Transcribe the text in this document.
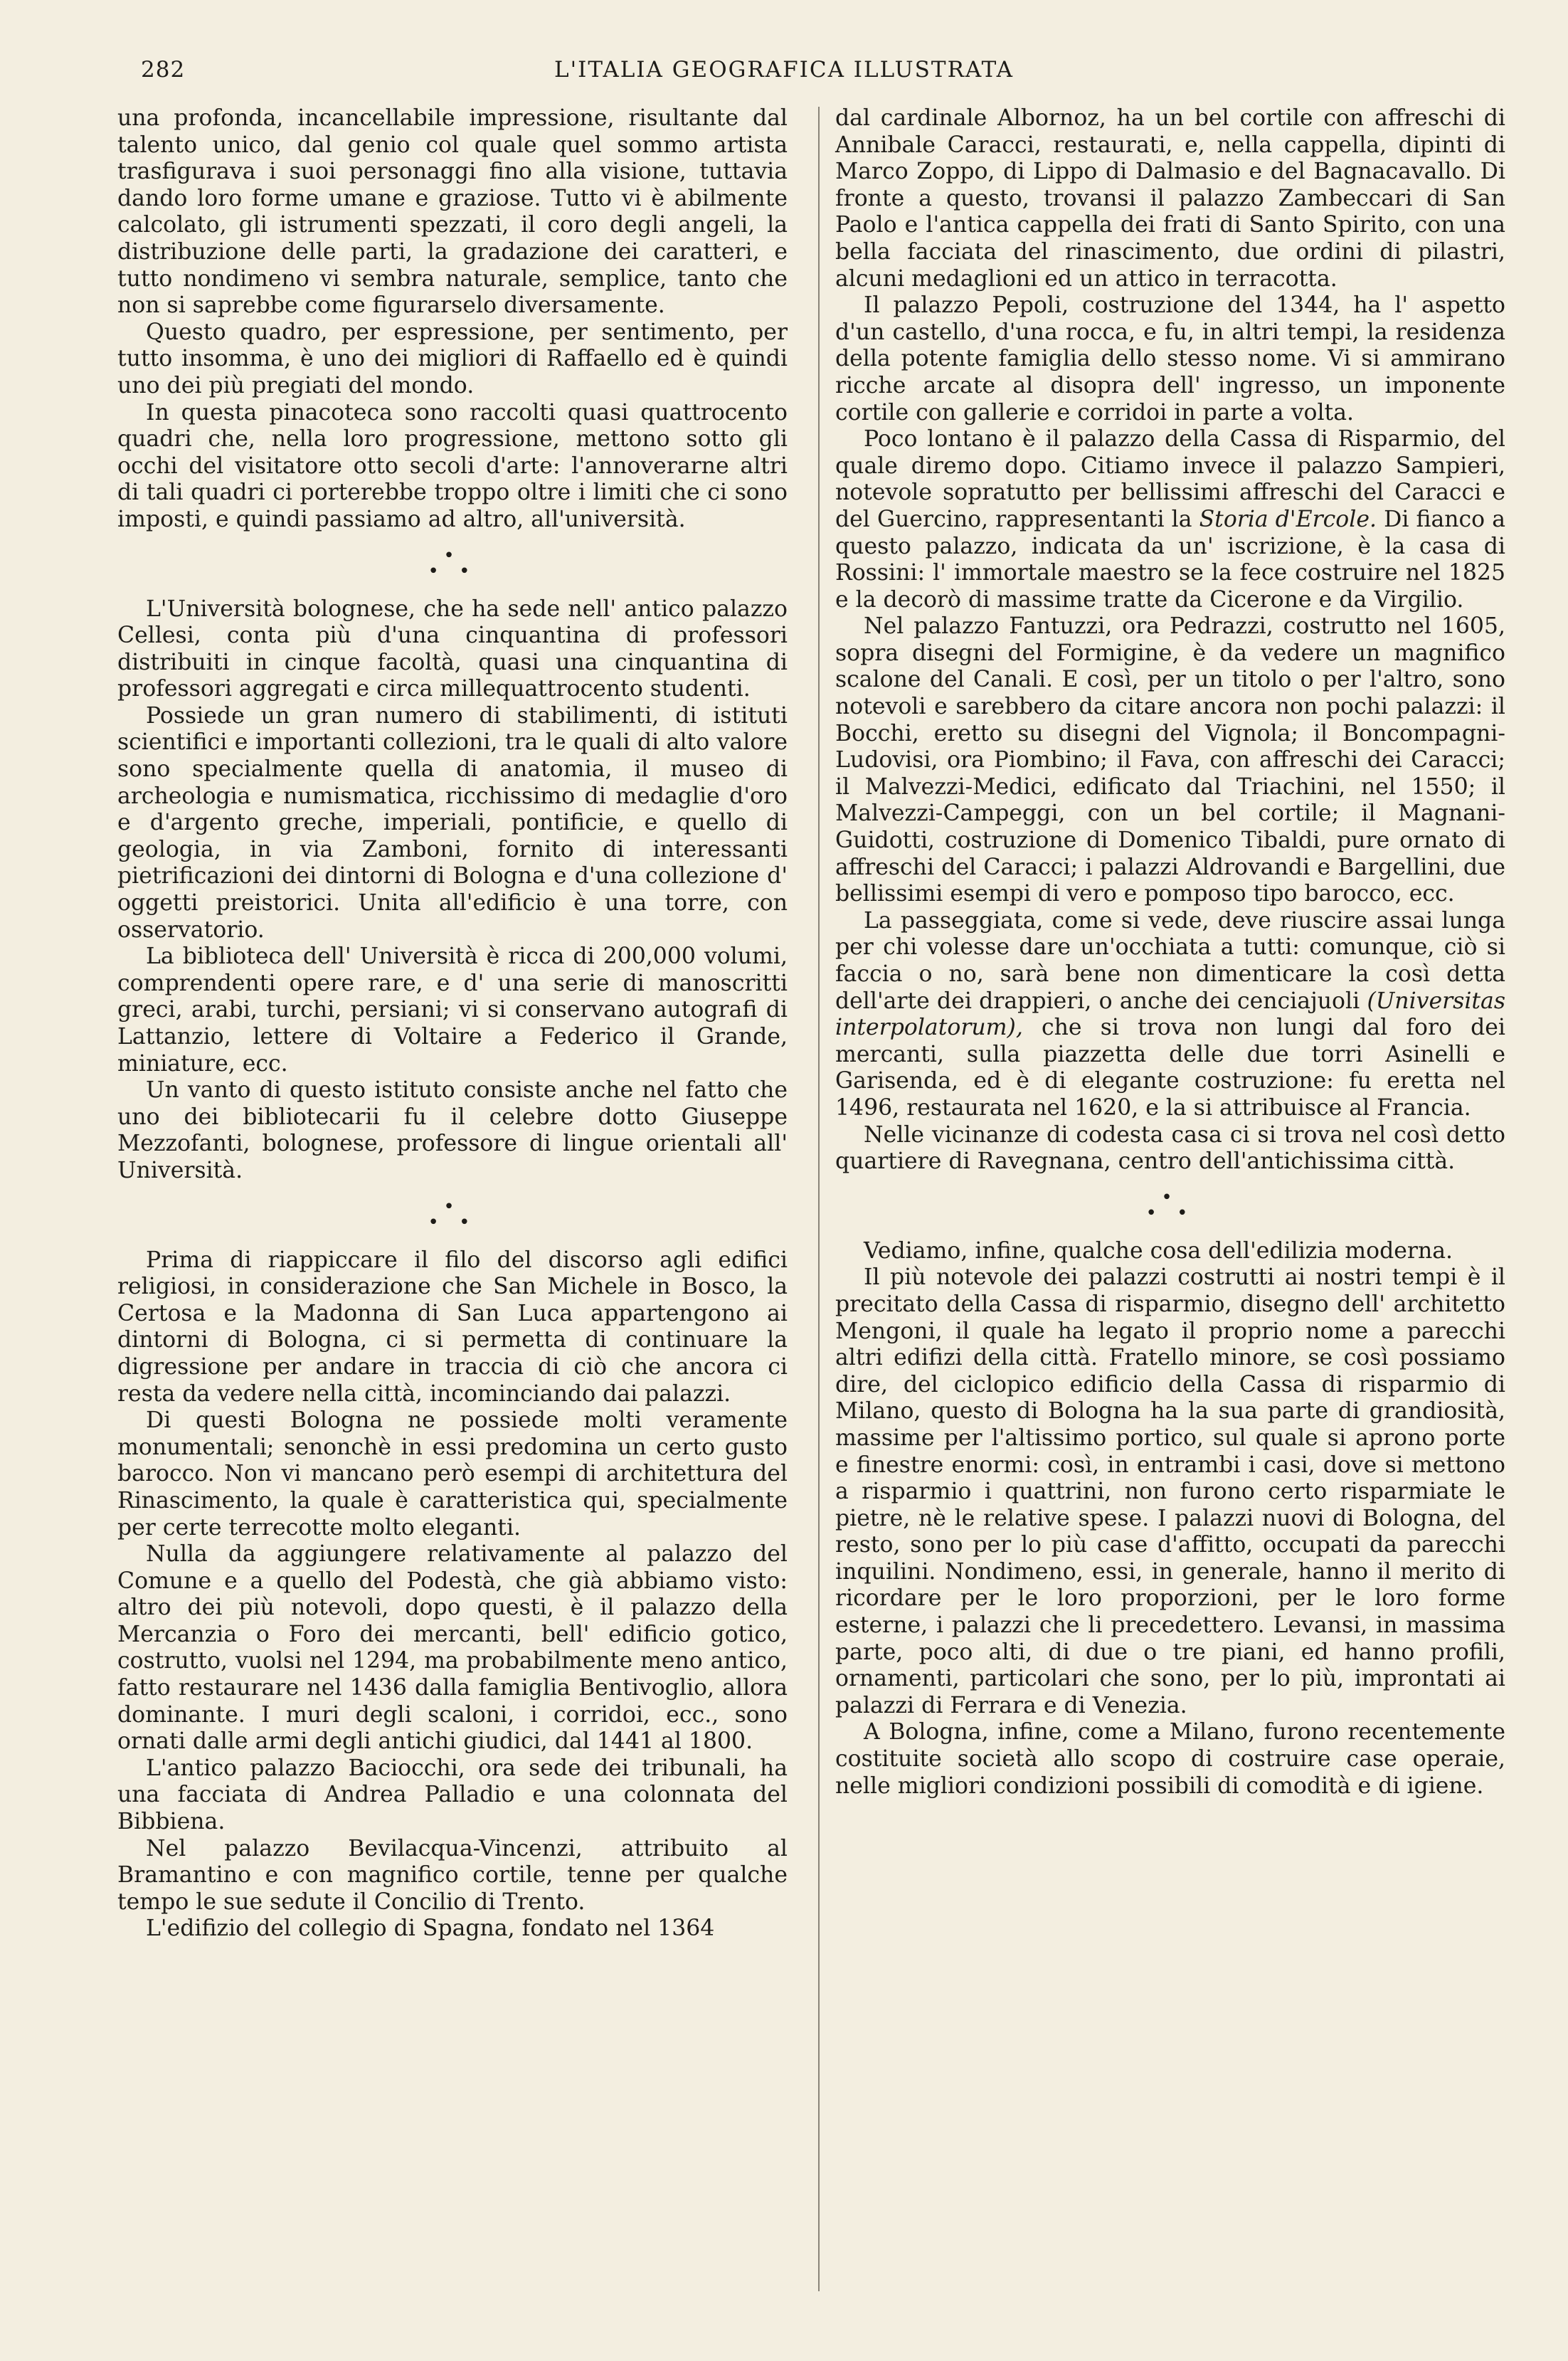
282	L'ITALIA GEOGRAFICA ILLUSTRATA

una profonda, incancellabile impressione, risultante dal talento unico, dal genio col quale quel sommo artista trasfigurava i suoi personaggi fino alla visione, tuttavia dando loro forme umane e graziose. Tutto vi è abilmente calcolato, gli istrumenti spezzati, il coro degli angeli, la distribuzione delle parti, la gradazione dei caratteri, e tutto nondimeno vi sembra naturale, semplice, tanto che non si saprebbe come figurarselo diversamente.

Questo quadro, per espressione, per sentimento, per tutto insomma, è uno dei migliori di Raffaello ed è quindi uno dei più pregiati del mondo.

In questa pinacoteca sono raccolti quasi quattrocento quadri che, nella loro progressione, mettono sotto gli occhi del visitatore otto secoli d'arte: l'annoverarne altri di tali quadri ci porterebbe troppo oltre i limiti che ci sono imposti, e quindi passiamo ad altro, all'università.

•
• •

L'Università bolognese, che ha sede nell' antico palazzo Cellesi, conta più d'una cinquantina di professori distribuiti in cinque facoltà, quasi una cinquantina di professori aggregati e circa millequattrocento studenti.

Possiede un gran numero di stabilimenti, di istituti scientifici e importanti collezioni, tra le quali di alto valore sono specialmente quella di anatomia, il museo di archeologia e numismatica, ricchissimo di medaglie d'oro e d'argento greche, imperiali, pontificie, e quello di geologia, in via Zamboni, fornito di interessanti pietrificazioni dei dintorni di Bologna e d'una collezione d' oggetti preistorici. Unita all'edificio è una torre, con osservatorio.

La biblioteca dell' Università è ricca di 200,000 volumi, comprendenti opere rare, e d' una serie di manoscritti greci, arabi, turchi, persiani; vi si conservano autografi di Lattanzio, lettere di Voltaire a Federico il Grande, miniature, ecc.

Un vanto di questo istituto consiste anche nel fatto che uno dei bibliotecarii fu il celebre dotto Giuseppe Mezzofanti, bolognese, professore di lingue orientali all' Università.

•
• •

Prima di riappiccare il filo del discorso agli edifici religiosi, in considerazione che San Michele in Bosco, la Certosa e la Madonna di San Luca appartengono ai dintorni di Bologna, ci si permetta di continuare la digressione per andare in traccia di ciò che ancora ci resta da vedere nella città, incominciando dai palazzi.

Di questi Bologna ne possiede molti veramente monumentali; senonchè in essi predomina un certo gusto barocco. Non vi mancano però esempi di architettura del Rinascimento, la quale è caratteristica qui, specialmente per certe terrecotte molto eleganti.

Nulla da aggiungere relativamente al palazzo del Comune e a quello del Podestà, che già abbiamo visto: altro dei più notevoli, dopo questi, è il palazzo della Mercanzia o Foro dei mercanti, bell' edificio gotico, costrutto, vuolsi nel 1294, ma probabilmente meno antico, fatto restaurare nel 1436 dalla famiglia Bentivoglio, allora dominante. I muri degli scaloni, i corridoi, ecc., sono ornati dalle armi degli antichi giudici, dal 1441 al 1800.

L'antico palazzo Baciocchi, ora sede dei tribunali, ha una facciata di Andrea Palladio e una colonnata del Bibbiena.

Nel palazzo Bevilacqua-Vincenzi, attribuito al Bramantino e con magnifico cortile, tenne per qualche tempo le sue sedute il Concilio di Trento.

L'edifizio del collegio di Spagna, fondato nel 1364

dal cardinale Albornoz, ha un bel cortile con affreschi di Annibale Caracci, restaurati, e, nella cappella, dipinti di Marco Zoppo, di Lippo di Dalmasio e del Bagnacavallo. Di fronte a questo, trovansi il palazzo Zambeccari di San Paolo e l'antica cappella dei frati di Santo Spirito, con una bella facciata del rinascimento, due ordini di pilastri, alcuni medaglioni ed un attico in terracotta.

Il palazzo Pepoli, costruzione del 1344, ha l' aspetto d'un castello, d'una rocca, e fu, in altri tempi, la residenza della potente famiglia dello stesso nome. Vi si ammirano ricche arcate al disopra dell' ingresso, un imponente cortile con gallerie e corridoi in parte a volta.

Poco lontano è il palazzo della Cassa di Risparmio, del quale diremo dopo. Citiamo invece il palazzo Sampieri, notevole sopratutto per bellissimi affreschi del Caracci e del Guercino, rappresentanti la Storia d'Ercole. Di fianco a questo palazzo, indicata da un' iscrizione, è la casa di Rossini: l' immortale maestro se la fece costruire nel 1825 e la decorò di massime tratte da Cicerone e da Virgilio.

Nel palazzo Fantuzzi, ora Pedrazzi, costrutto nel 1605, sopra disegni del Formigine, è da vedere un magnifico scalone del Canali. E così, per un titolo o per l'altro, sono notevoli e sarebbero da citare ancora non pochi palazzi: il Bocchi, eretto su disegni del Vignola; il Boncompagni-Ludovisi, ora Piombino; il Fava, con affreschi dei Caracci; il Malvezzi-Medici, edificato dal Triachini, nel 1550; il Malvezzi-Campeggi, con un bel cortile; il Magnani-Guidotti, costruzione di Domenico Tibaldi, pure ornato di affreschi del Caracci; i palazzi Aldrovandi e Bargellini, due bellissimi esempi di vero e pomposo tipo barocco, ecc.

La passeggiata, come si vede, deve riuscire assai lunga per chi volesse dare un'occhiata a tutti: comunque, ciò si faccia o no, sarà bene non dimenticare la così detta dell'arte dei drappieri, o anche dei cenciajuoli (Universitas interpolatorum), che si trova non lungi dal foro dei mercanti, sulla piazzetta delle due torri Asinelli e Garisenda, ed è di elegante costruzione: fu eretta nel 1496, restaurata nel 1620, e la si attribuisce al Francia.

Nelle vicinanze di codesta casa ci si trova nel così detto quartiere di Ravegnana, centro dell'antichissima città.

•
• •

Vediamo, infine, qualche cosa dell'edilizia moderna.

Il più notevole dei palazzi costrutti ai nostri tempi è il precitato della Cassa di risparmio, disegno dell' architetto Mengoni, il quale ha legato il proprio nome a parecchi altri edifizi della città. Fratello minore, se così possiamo dire, del ciclopico edificio della Cassa di risparmio di Milano, questo di Bologna ha la sua parte di grandiosità, massime per l'altissimo portico, sul quale si aprono porte e finestre enormi: così, in entrambi i casi, dove si mettono a risparmio i quattrini, non furono certo risparmiate le pietre, nè le relative spese. I palazzi nuovi di Bologna, del resto, sono per lo più case d'affitto, occupati da parecchi inquilini. Nondimeno, essi, in generale, hanno il merito di ricordare per le loro proporzioni, per le loro forme esterne, i palazzi che li precedettero. Levansi, in massima parte, poco alti, di due o tre piani, ed hanno profili, ornamenti, particolari che sono, per lo più, improntati ai palazzi di Ferrara e di Venezia.

A Bologna, infine, come a Milano, furono recentemente costituite società allo scopo di costruire case operaie, nelle migliori condizioni possibili di comodità e di igiene.
